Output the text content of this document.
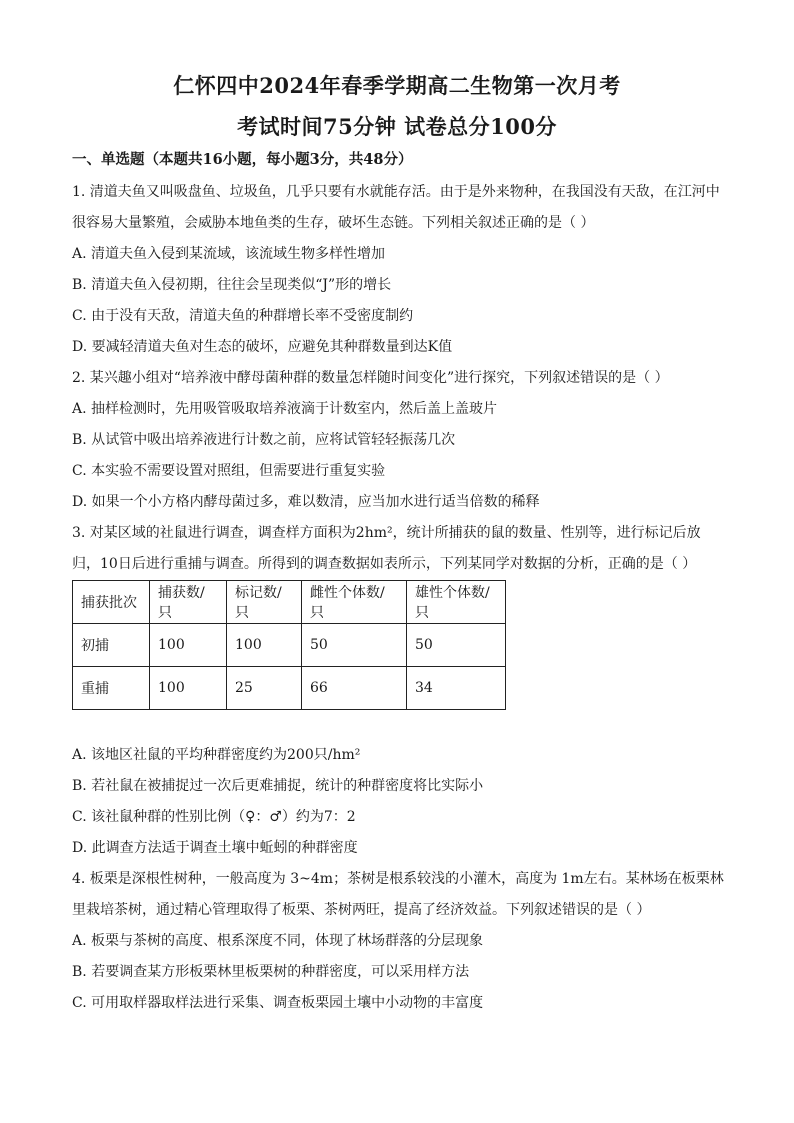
仁怀四中2024年春季学期高二生物第一次月考
考试时间75分钟 试卷总分100分
一、单选题（本题共16小题，每小题3分，共48分）
1. 清道夫鱼又叫吸盘鱼、垃圾鱼，几乎只要有水就能存活。由于是外来物种，在我国没有天敌，在江河中
很容易大量繁殖，会威胁本地鱼类的生存，破坏生态链。下列相关叙述正确的是（ ）
A. 清道夫鱼入侵到某流域，该流域生物多样性增加
B. 清道夫鱼入侵初期，往往会呈现类似“J”形的增长
C. 由于没有天敌，清道夫鱼的种群增长率不受密度制约
D. 要减轻清道夫鱼对生态的破坏，应避免其种群数量到达K值
2. 某兴趣小组对“培养液中酵母菌种群的数量怎样随时间变化”进行探究，下列叙述错误的是（ ）
A. 抽样检测时，先用吸管吸取培养液滴于计数室内，然后盖上盖玻片
B. 从试管中吸出培养液进行计数之前，应将试管轻轻振荡几次
C. 本实验不需要设置对照组，但需要进行重复实验
D. 如果一个小方格内酵母菌过多，难以数清，应当加水进行适当倍数的稀释
3. 对某区域的社鼠进行调查，调查样方面积为2hm²，统计所捕获的鼠的数量、性别等，进行标记后放
归，10日后进行重捕与调查。所得到的调查数据如表所示，下列某同学对数据的分析，正确的是（ ）
捕获批次	捕获数/只	标记数/只	雌性个体数/只	雄性个体数/只
初捕	100	100	50	50
重捕	100	25	66	34
A. 该地区社鼠的平均种群密度约为200只/hm²
B. 若社鼠在被捕捉过一次后更难捕捉，统计的种群密度将比实际小
C. 该社鼠种群的性别比例（♀：♂）约为7：2
D. 此调查方法适于调查土壤中蚯蚓的种群密度
4. 板栗是深根性树种，一般高度为 3~4m；茶树是根系较浅的小灌木，高度为 1m左右。某林场在板栗林
里栽培茶树，通过精心管理取得了板栗、茶树两旺，提高了经济效益。下列叙述错误的是（ ）
A. 板栗与茶树的高度、根系深度不同，体现了林场群落的分层现象
B. 若要调查某方形板栗林里板栗树的种群密度，可以采用样方法
C. 可用取样器取样法进行采集、调查板栗园土壤中小动物的丰富度
